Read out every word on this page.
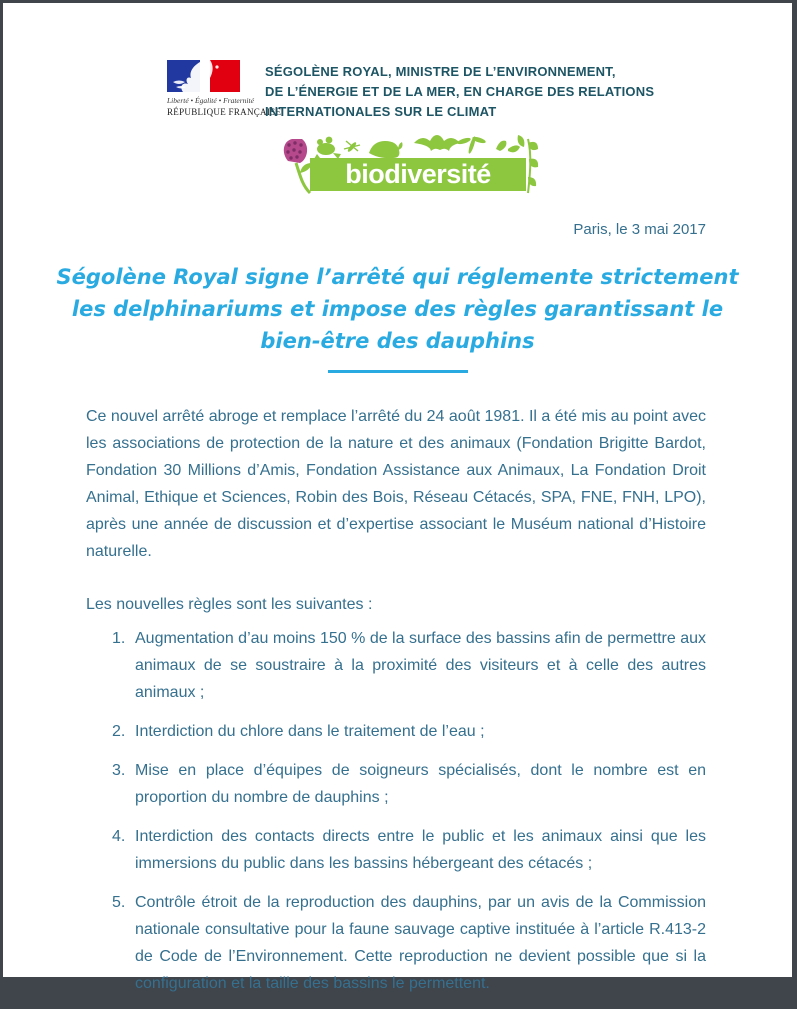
Liberté • Égalité • Fraternité
RÉPUBLIQUE FRANÇAISE
SÉGOLÈNE ROYAL, MINISTRE DE L’ENVIRONNEMENT,
DE L’ÉNERGIE ET DE LA MER, EN CHARGE DES RELATIONS
INTERNATIONALES SUR LE CLIMAT
biodiversité
Paris, le 3 mai 2017
Ségolène Royal signe l’arrêté qui réglemente strictement
les delphinariums et impose des règles garantissant le
bien-être des dauphins

Ce nouvel arrêté abroge et remplace l’arrêté du 24 août 1981. Il a été mis au point avec les associations de protection de la nature et des animaux (Fondation Brigitte Bardot, Fondation 30 Millions d’Amis, Fondation Assistance aux Animaux, La Fondation Droit Animal, Ethique et Sciences, Robin des Bois, Réseau Cétacés, SPA, FNE, FNH, LPO), après une année de discussion et d’expertise associant le Muséum national d’Histoire naturelle.

Les nouvelles règles sont les suivantes :

1. Augmentation d’au moins 150 % de la surface des bassins afin de permettre aux animaux de se soustraire à la proximité des visiteurs et à celle des autres animaux ;
2. Interdiction du chlore dans le traitement de l’eau ;
3. Mise en place d’équipes de soigneurs spécialisés, dont le nombre est en proportion du nombre de dauphins ;
4. Interdiction des contacts directs entre le public et les animaux ainsi que les immersions du public dans les bassins hébergeant des cétacés ;
5. Contrôle étroit de la reproduction des dauphins, par un avis de la Commission nationale consultative pour la faune sauvage captive instituée à l’article R.413-2 de Code de l’Environnement. Cette reproduction ne devient possible que si la configuration et la taille des bassins le permettent.
